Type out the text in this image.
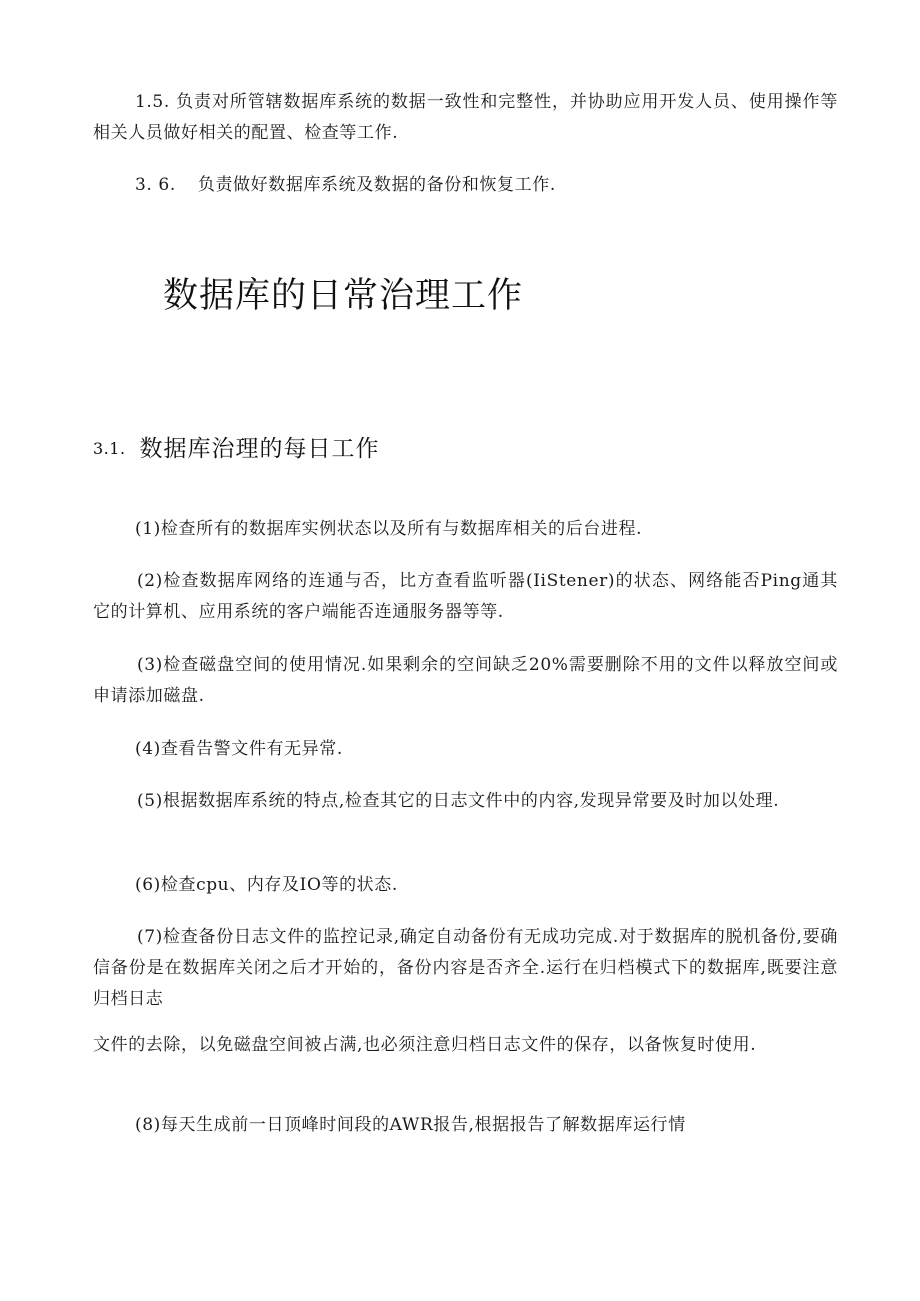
1.5. 负责对所管辖数据库系统的数据一致性和完整性，并协助应用开发人员、使用操作等相关人员做好相关的配置、检查等工作.

3. 6. 负责做好数据库系统及数据的备份和恢复工作.

数据库的日常治理工作
3.1. 数据库治理的每日工作

(1)检查所有的数据库实例状态以及所有与数据库相关的后台进程.

(2)检查数据库网络的连通与否，比方查看监听器(IiStener)的状态、网络能否Ping通其它的计算机、应用系统的客户端能否连通服务器等等.

(3)检查磁盘空间的使用情况.如果剩余的空间缺乏20%需要删除不用的文件以释放空间或申请添加磁盘.

(4)查看告警文件有无异常.

(5)根据数据库系统的特点,检查其它的日志文件中的内容,发现异常要及时加以处理.

(6)检查cpu、内存及IO等的状态.

(7)检查备份日志文件的监控记录,确定自动备份有无成功完成.对于数据库的脱机备份,要确信备份是在数据库关闭之后才开始的，备份内容是否齐全.运行在归档模式下的数据库,既要注意归档日志

文件的去除，以免磁盘空间被占满,也必须注意归档日志文件的保存，以备恢复时使用.

(8)每天生成前一日顶峰时间段的AWR报告,根据报告了解数据库运行情
